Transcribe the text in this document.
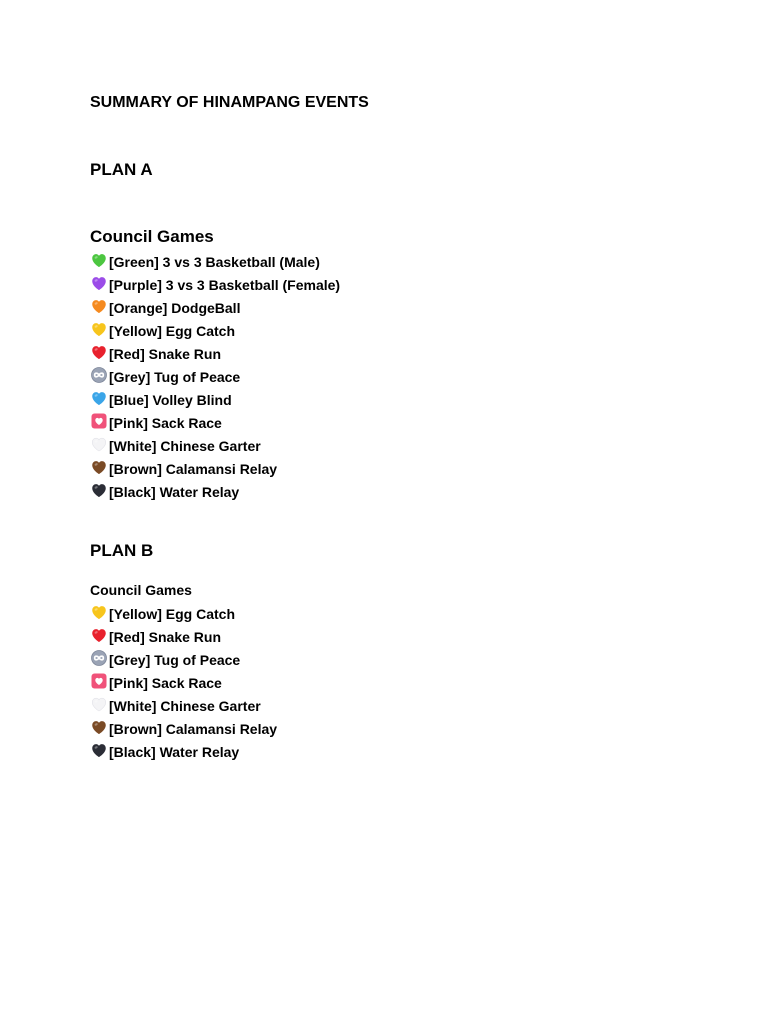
SUMMARY OF HINAMPANG EVENTS
PLAN A
Council Games
[Green] 3 vs 3 Basketball (Male)
[Purple] 3 vs 3 Basketball (Female)
[Orange] DodgeBall
[Yellow] Egg Catch
[Red] Snake Run
[Grey] Tug of Peace
[Blue] Volley Blind
[Pink] Sack Race
[White] Chinese Garter
[Brown] Calamansi Relay
[Black] Water Relay
PLAN B
Council Games
[Yellow] Egg Catch
[Red] Snake Run
[Grey] Tug of Peace
[Pink] Sack Race
[White] Chinese Garter
[Brown] Calamansi Relay
[Black] Water Relay
